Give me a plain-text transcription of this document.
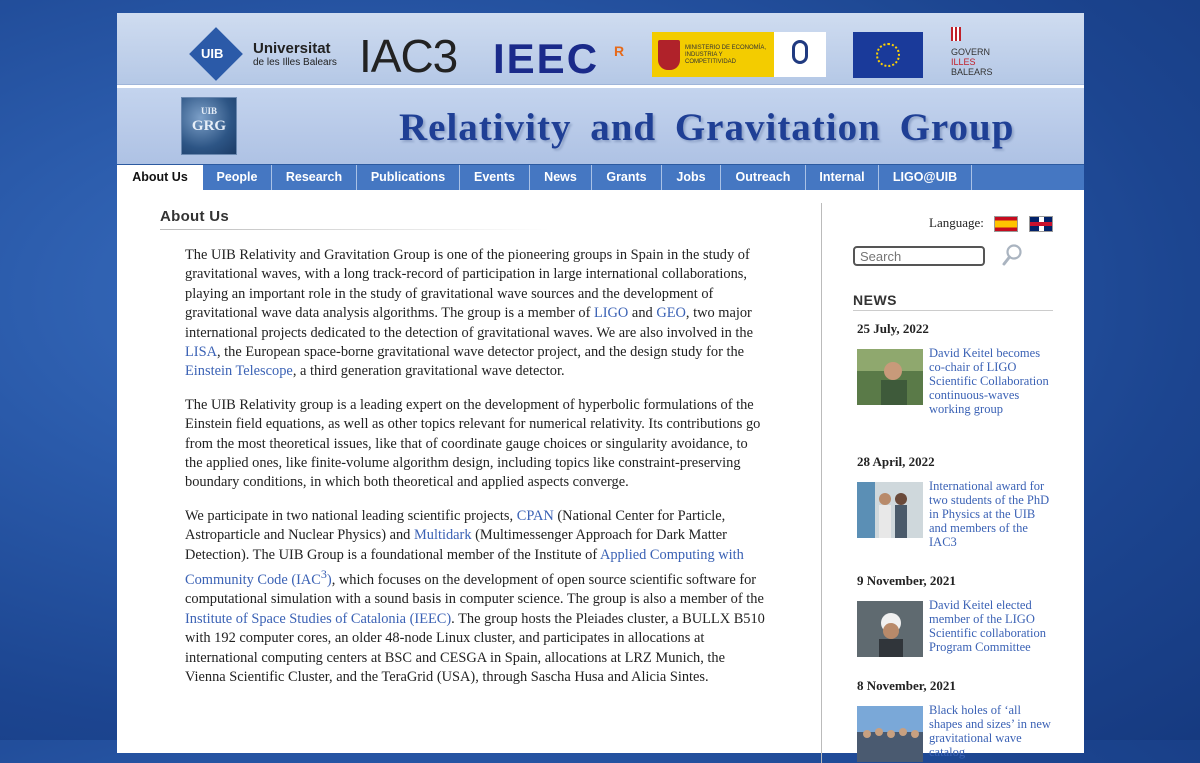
UIB Universitat
de les Illes Balears IAC3 IEEC R	MINISTERIO DE ECONOMÍA, INDUSTRIA Y COMPETITIVIDAD
GOVERN
ILLES
BALEARS
UIB
GRG	Relativity and Gravitation Group
About Us	People	Research	Publications	Events	News	Grants	Jobs	Outreach	Internal	LIGO@UIB
About Us

The UIB Relativity and Gravitation Group is one of the pioneering groups in Spain in the study of gravitational waves, with a long track-record of participation in large international collaborations, playing an important role in the study of gravitational wave sources and the development of gravitational wave data analysis algorithms. The group is a member of LIGO and GEO, two major international projects dedicated to the detection of gravitational waves. We are also involved in the LISA, the European space-borne gravitational wave detector project, and the design study for the Einstein Telescope, a third generation gravitational wave detector.

The UIB Relativity group is a leading expert on the development of hyperbolic formulations of the Einstein field equations, as well as other topics relevant for numerical relativity. Its contributions go from the most theoretical issues, like that of coordinate gauge choices or singularity avoidance, to the applied ones, like finite-volume algorithm design, including topics like constraint-preserving boundary conditions, in which both theoretical and applied aspects converge.

We participate in two national leading scientific projects, CPAN (National Center for Particle, Astroparticle and Nuclear Physics) and Multidark (Multimessenger Approach for Dark Matter Detection). The UIB Group is a foundational member of the Institute of Applied Computing with Community Code (IAC$^3$), which focuses on the development of open source scientific software for computational simulation with a sound basis in computer science. The group is also a member of the Institute of Space Studies of Catalonia (IEEC). The group hosts the Pleiades cluster, a BULLX B510 with 192 computer cores, an older 48-node Linux cluster, and participates in allocations at international computing centers at BSC and CESGA in Spain, allocations at LRZ Munich, the Vienna Scientific Cluster, and the TeraGrid (USA), through Sascha Husa and Alicia Sintes.

Language:
Search
NEWS
25 July, 2022
David Keitel becomes co-chair of LIGO Scientific Collaboration continuous-waves working group
28 April, 2022
International award for two students of the PhD in Physics at the UIB and members of the IAC3
9 November, 2021
David Keitel elected member of the LIGO Scientific collaboration Program Committee
8 November, 2021
Black holes of ‘all shapes and sizes’ in new gravitational wave catalog
